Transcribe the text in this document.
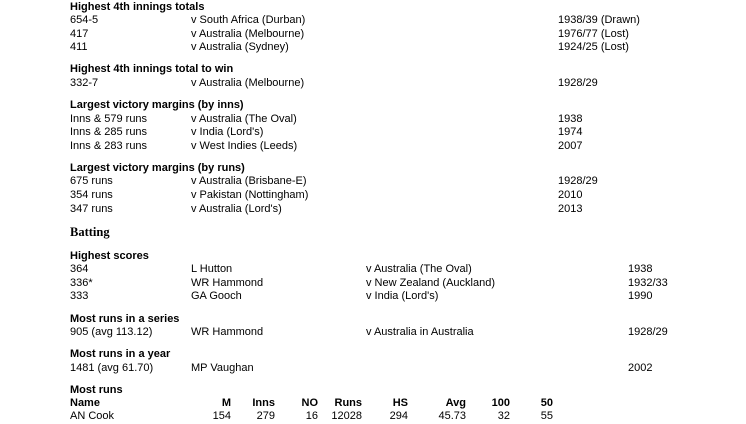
Highest 4th innings totals
654-5	v South Africa (Durban)	1938/39 (Drawn)
417	v Australia (Melbourne)	1976/77 (Lost)
411	v Australia (Sydney)	1924/25 (Lost)
Highest 4th innings total to win
332-7	v Australia (Melbourne)	1928/29
Largest victory margins (by inns)
Inns & 579 runs	v Australia (The Oval)	1938
Inns & 285 runs	v India (Lord's)	1974
Inns & 283 runs	v West Indies (Leeds)	2007
Largest victory margins (by runs)
675 runs	v Australia (Brisbane-E)	1928/29
354 runs	v Pakistan (Nottingham)	2010
347 runs	v Australia (Lord's)	2013
Batting
Highest scores
364	L Hutton	v Australia (The Oval)	1938
336*	WR Hammond	v New Zealand (Auckland)	1932/33
333	GA Gooch	v India (Lord's)	1990
Most runs in a series
905 (avg 113.12)	WR Hammond	v Australia in Australia	1928/29
Most runs in a year
1481 (avg 61.70)	MP Vaughan	2002
Most runs
Name	M	Inns	NO	Runs	HS	Avg	100	50
AN Cook	154	279	16	12028	294	45.73	32	55
